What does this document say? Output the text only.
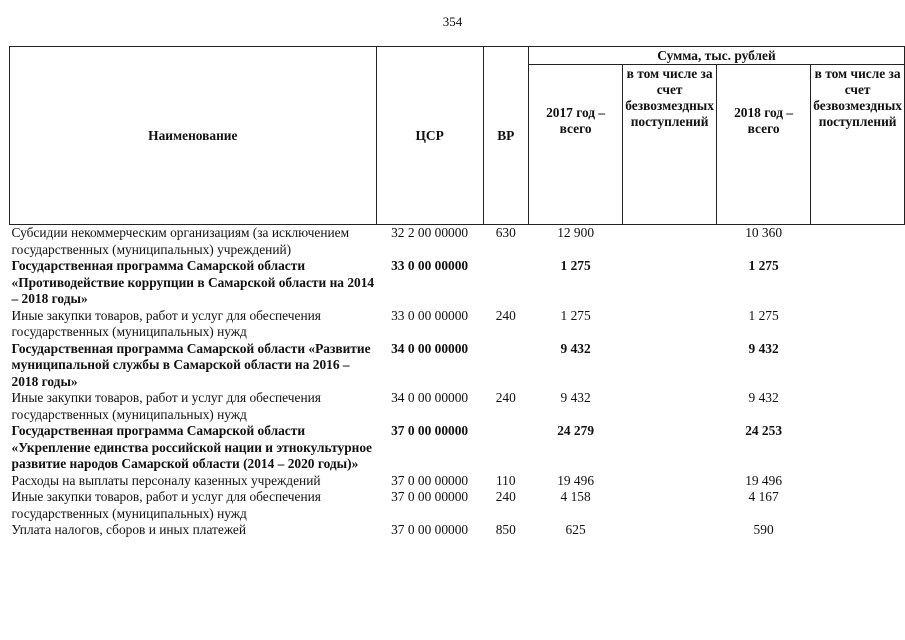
354
Наименование	ЦСР	ВР	Сумма, тыс. рублей			
			2017 год – всего	в том числе за счет безвозмездных поступлений	2018 год – всего	в том числе за счет безвозмездных поступлений
Субсидии некоммерческим организациям (за исключением государственных (муниципальных) учреждений)	32 2 00 00000	630	12 900		10 360	
Государственная программа Самарской области «Противодействие коррупции в Самарской области на 2014 – 2018 годы»	33 0 00 00000		1 275		1 275	
Иные закупки товаров, работ и услуг для обеспечения государственных (муниципальных) нужд	33 0 00 00000	240	1 275		1 275	
Государственная программа Самарской области «Развитие муниципальной службы в Самарской области на 2016 – 2018 годы»	34 0 00 00000		9 432		9 432	
Иные закупки товаров, работ и услуг для обеспечения государственных (муниципальных) нужд	34 0 00 00000	240	9 432		9 432	
Государственная программа Самарской области «Укрепление единства российской нации и этнокультурное развитие народов Самарской области (2014 – 2020 годы)»	37 0 00 00000		24 279		24 253	
Расходы на выплаты персоналу казенных учреждений	37 0 00 00000	110	19 496		19 496	
Иные закупки товаров, работ и услуг для обеспечения государственных (муниципальных) нужд	37 0 00 00000	240	4 158		4 167	
Уплата налогов, сборов и иных платежей	37 0 00 00000	850	625		590	
